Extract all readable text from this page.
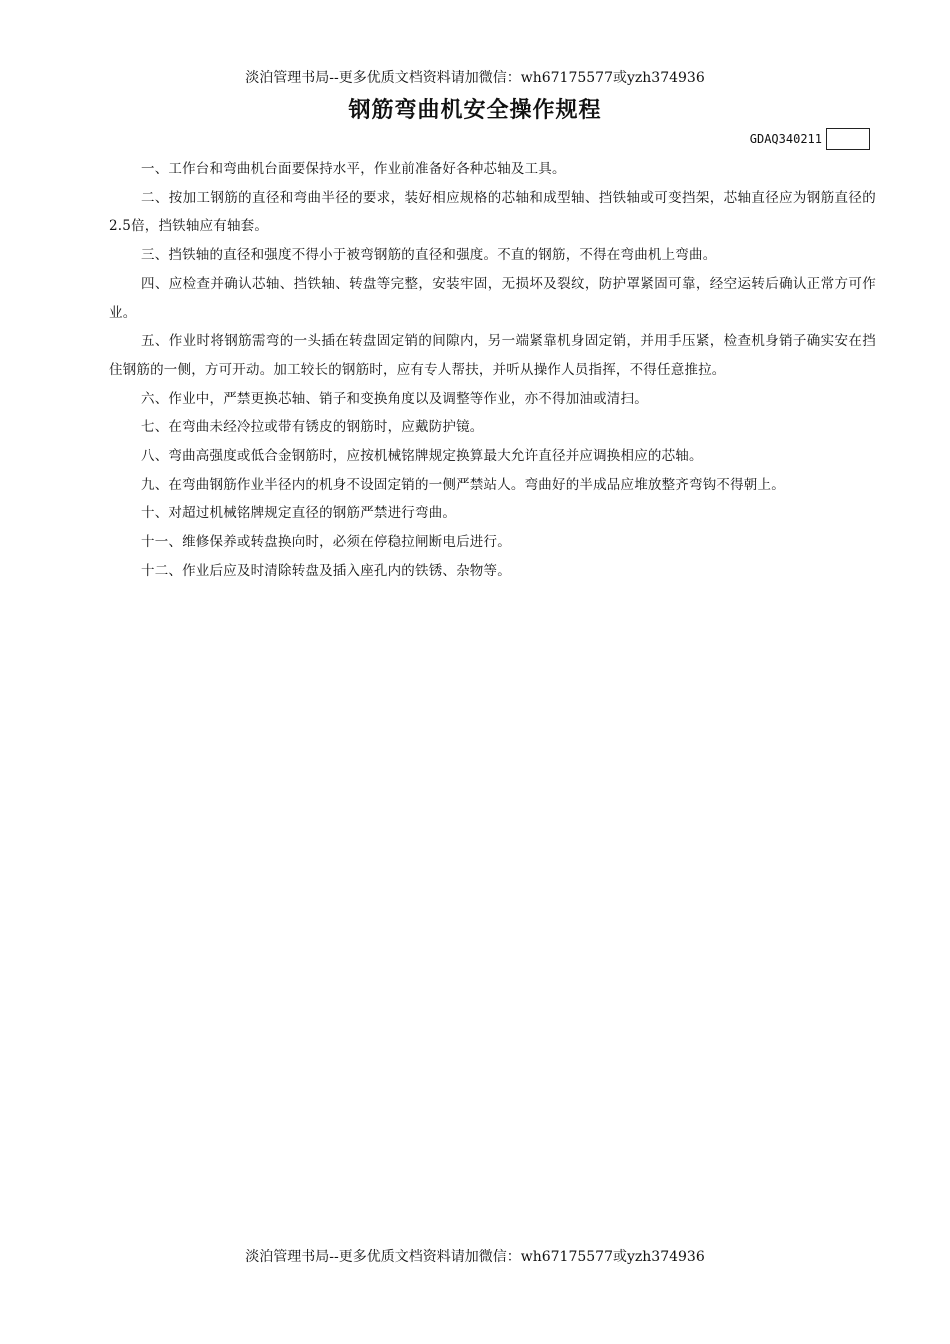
淡泊管理书局--更多优质文档资料请加微信：wh67175577或yzh374936
钢筋弯曲机安全操作规程
GDAQ340211

一、工作台和弯曲机台面要保持水平，作业前准备好各种芯轴及工具。

二、按加工钢筋的直径和弯曲半径的要求，装好相应规格的芯轴和成型轴、挡铁轴或可变挡架，芯轴直径应为钢筋直径的2.5倍，挡铁轴应有轴套。

三、挡铁轴的直径和强度不得小于被弯钢筋的直径和强度。不直的钢筋，不得在弯曲机上弯曲。

四、应检查并确认芯轴、挡铁轴、转盘等完整，安装牢固，无损坏及裂纹，防护罩紧固可靠，经空运转后确认正常方可作业。

五、作业时将钢筋需弯的一头插在转盘固定销的间隙内，另一端紧靠机身固定销，并用手压紧，检查机身销子确实安在挡住钢筋的一侧，方可开动。加工较长的钢筋时，应有专人帮扶，并听从操作人员指挥，不得任意推拉。

六、作业中，严禁更换芯轴、销子和变换角度以及调整等作业，亦不得加油或清扫。

七、在弯曲未经冷拉或带有锈皮的钢筋时，应戴防护镜。

八、弯曲高强度或低合金钢筋时，应按机械铭牌规定换算最大允许直径并应调换相应的芯轴。

九、在弯曲钢筋作业半径内的机身不设固定销的一侧严禁站人。弯曲好的半成品应堆放整齐弯钩不得朝上。

十、对超过机械铭牌规定直径的钢筋严禁进行弯曲。

十一、维修保养或转盘换向时，必须在停稳拉闸断电后进行。

十二、作业后应及时清除转盘及插入座孔内的铁锈、杂物等。

淡泊管理书局--更多优质文档资料请加微信：wh67175577或yzh374936
